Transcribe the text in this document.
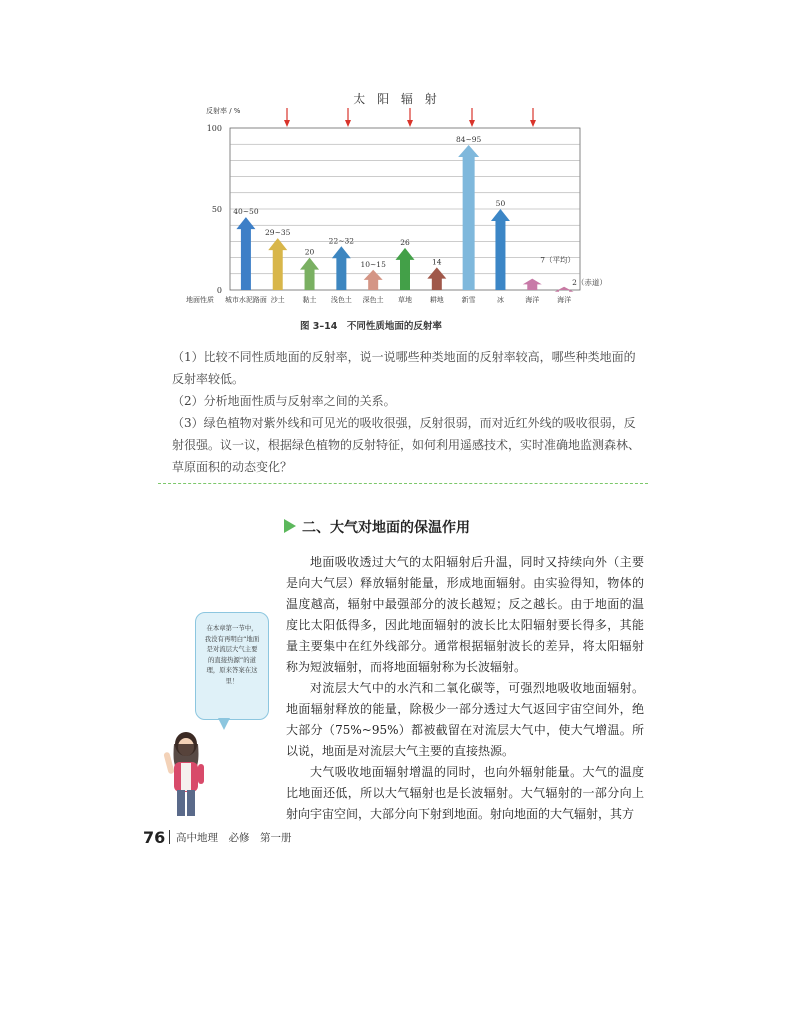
太 阳 辐 射
反射率 / %
地面性质
0
50
100
40~50
城市水泥路面
29~35
沙土
20
黏土
22~32
浅色土
10~15
深色土
26
草地
14
耕地
84~95
新雪
50
冰
7（平均）
海洋
2（赤道）
海洋
图 3–14　不同性质地面的反射率
（1）比较不同性质地面的反射率，说一说哪些种类地面的反射率较高，哪些种类地面的反射率较低。
（2）分析地面性质与反射率之间的关系。
（3）绿色植物对紫外线和可见光的吸收很强，反射很弱，而对近红外线的吸收很弱，反射很强。议一议，根据绿色植物的反射特征，如何利用遥感技术，实时准确地监测森林、草原面积的动态变化？
二、大气对地面的保温作用
地面吸收透过大气的太阳辐射后升温，同时又持续向外（主要是向大气层）释放辐射能量，形成地面辐射。由实验得知，物体的温度越高，辐射中最强部分的波长越短；反之越长。由于地面的温度比太阳低得多，因此地面辐射的波长比太阳辐射要长得多，其能量主要集中在红外线部分。通常根据辐射波长的差异，将太阳辐射称为短波辐射，而将地面辐射称为长波辐射。
对流层大气中的水汽和二氧化碳等，可强烈地吸收地面辐射。地面辐射释放的能量，除极少一部分透过大气返回宇宙空间外，绝大部分（75%~95%）都被截留在对流层大气中，使大气增温。所以说，地面是对流层大气主要的直接热源。
大气吸收地面辐射增温的同时，也向外辐射能量。大气的温度比地面还低，所以大气辐射也是长波辐射。大气辐射的一部分向上射向宇宙空间，大部分向下射到地面。射向地面的大气辐射，其方
在本章第一节中，我没有再明白“地面是对流层大气主要的直接热源”的道理，原来答案在这里！
76 高中地理　必修　第一册
